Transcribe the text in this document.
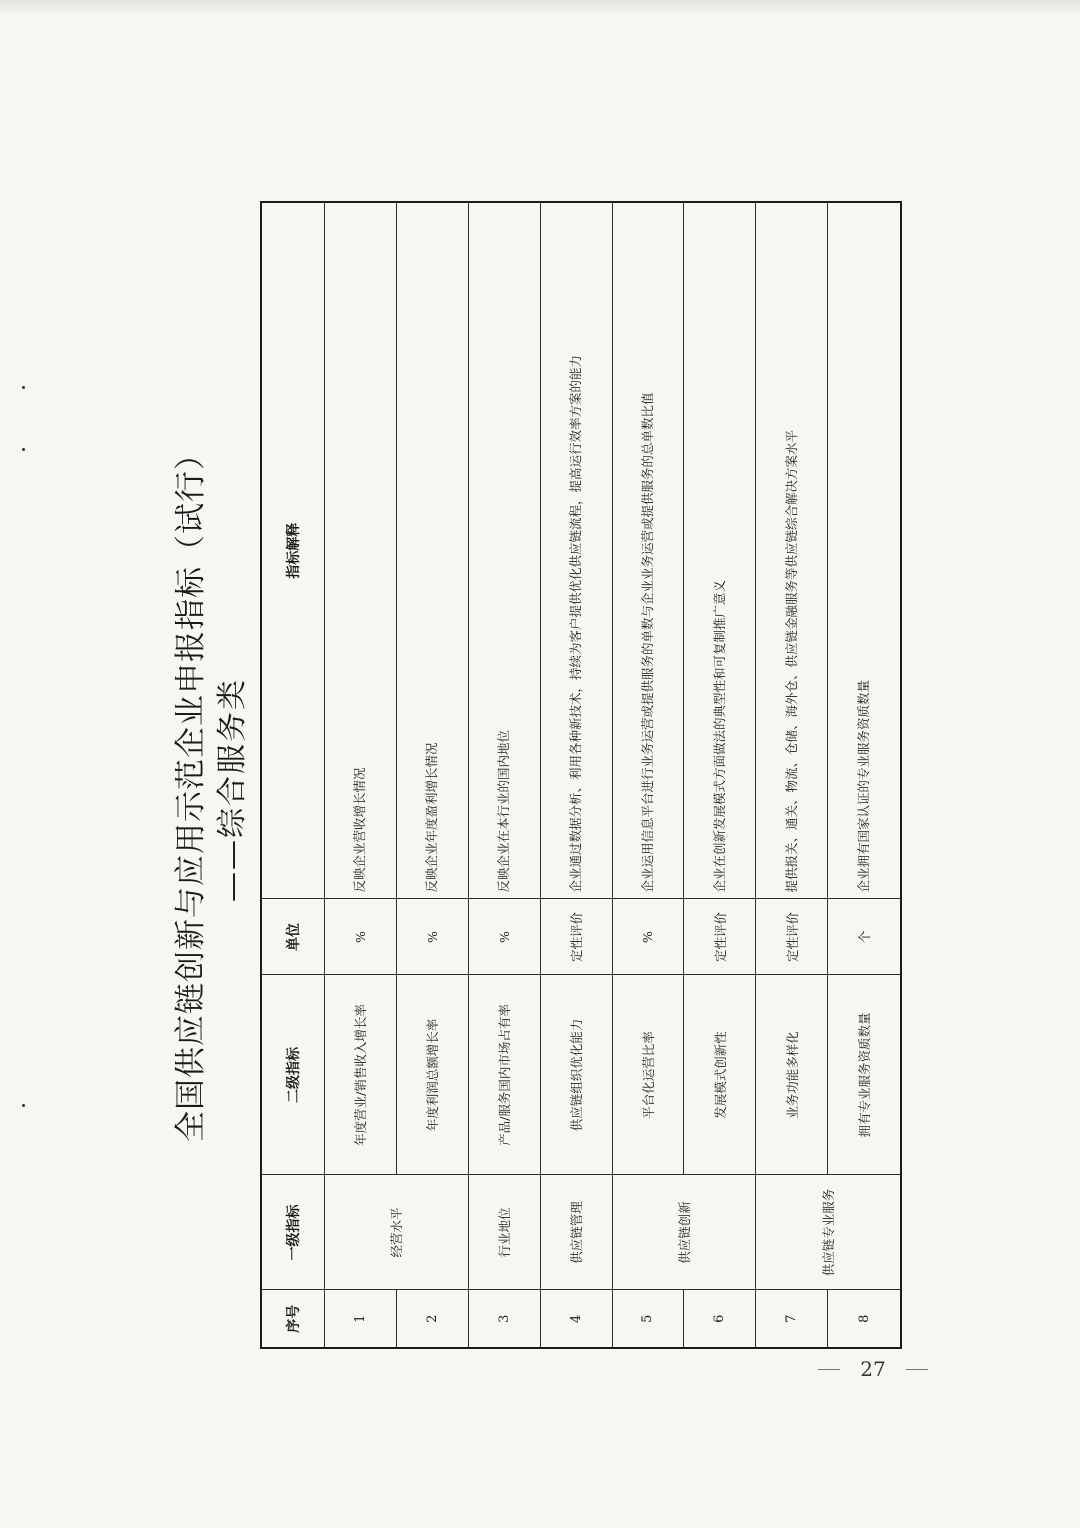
全国供应链创新与应用示范企业申报指标（试行） ——综合服务类
序号	一级指标	二级指标	单位	指标解释
1	经营水平	年度营业/销售收入增长率	%	反映企业营收增长情况
2		年度利润总额增长率	%	反映企业年度盈利增长情况
3	行业地位	产品/服务国内市场占有率	%	反映企业在本行业的国内地位
4	供应链管理	供应链组织优化能力	定性评价	企业通过数据分析、利用各种新技术，持续为客户提供优化供应链流程，提高运行效率方案的能力
5	供应链创新	平台化运营比率	%	企业运用信息平台进行业务运营或提供服务的单数与企业业务运营或提供服务的总单数比值
6		发展模式创新性	定性评价	企业在创新发展模式方面做法的典型性和可复制推广意义
7	供应链专业服务	业务功能多样化	定性评价	提供报关、通关、物流、仓储、海外仓、供应链金融服务等供应链综合解决方案水平
8		拥有专业服务资质数量	个	企业拥有国家认证的专业服务资质数量
27
